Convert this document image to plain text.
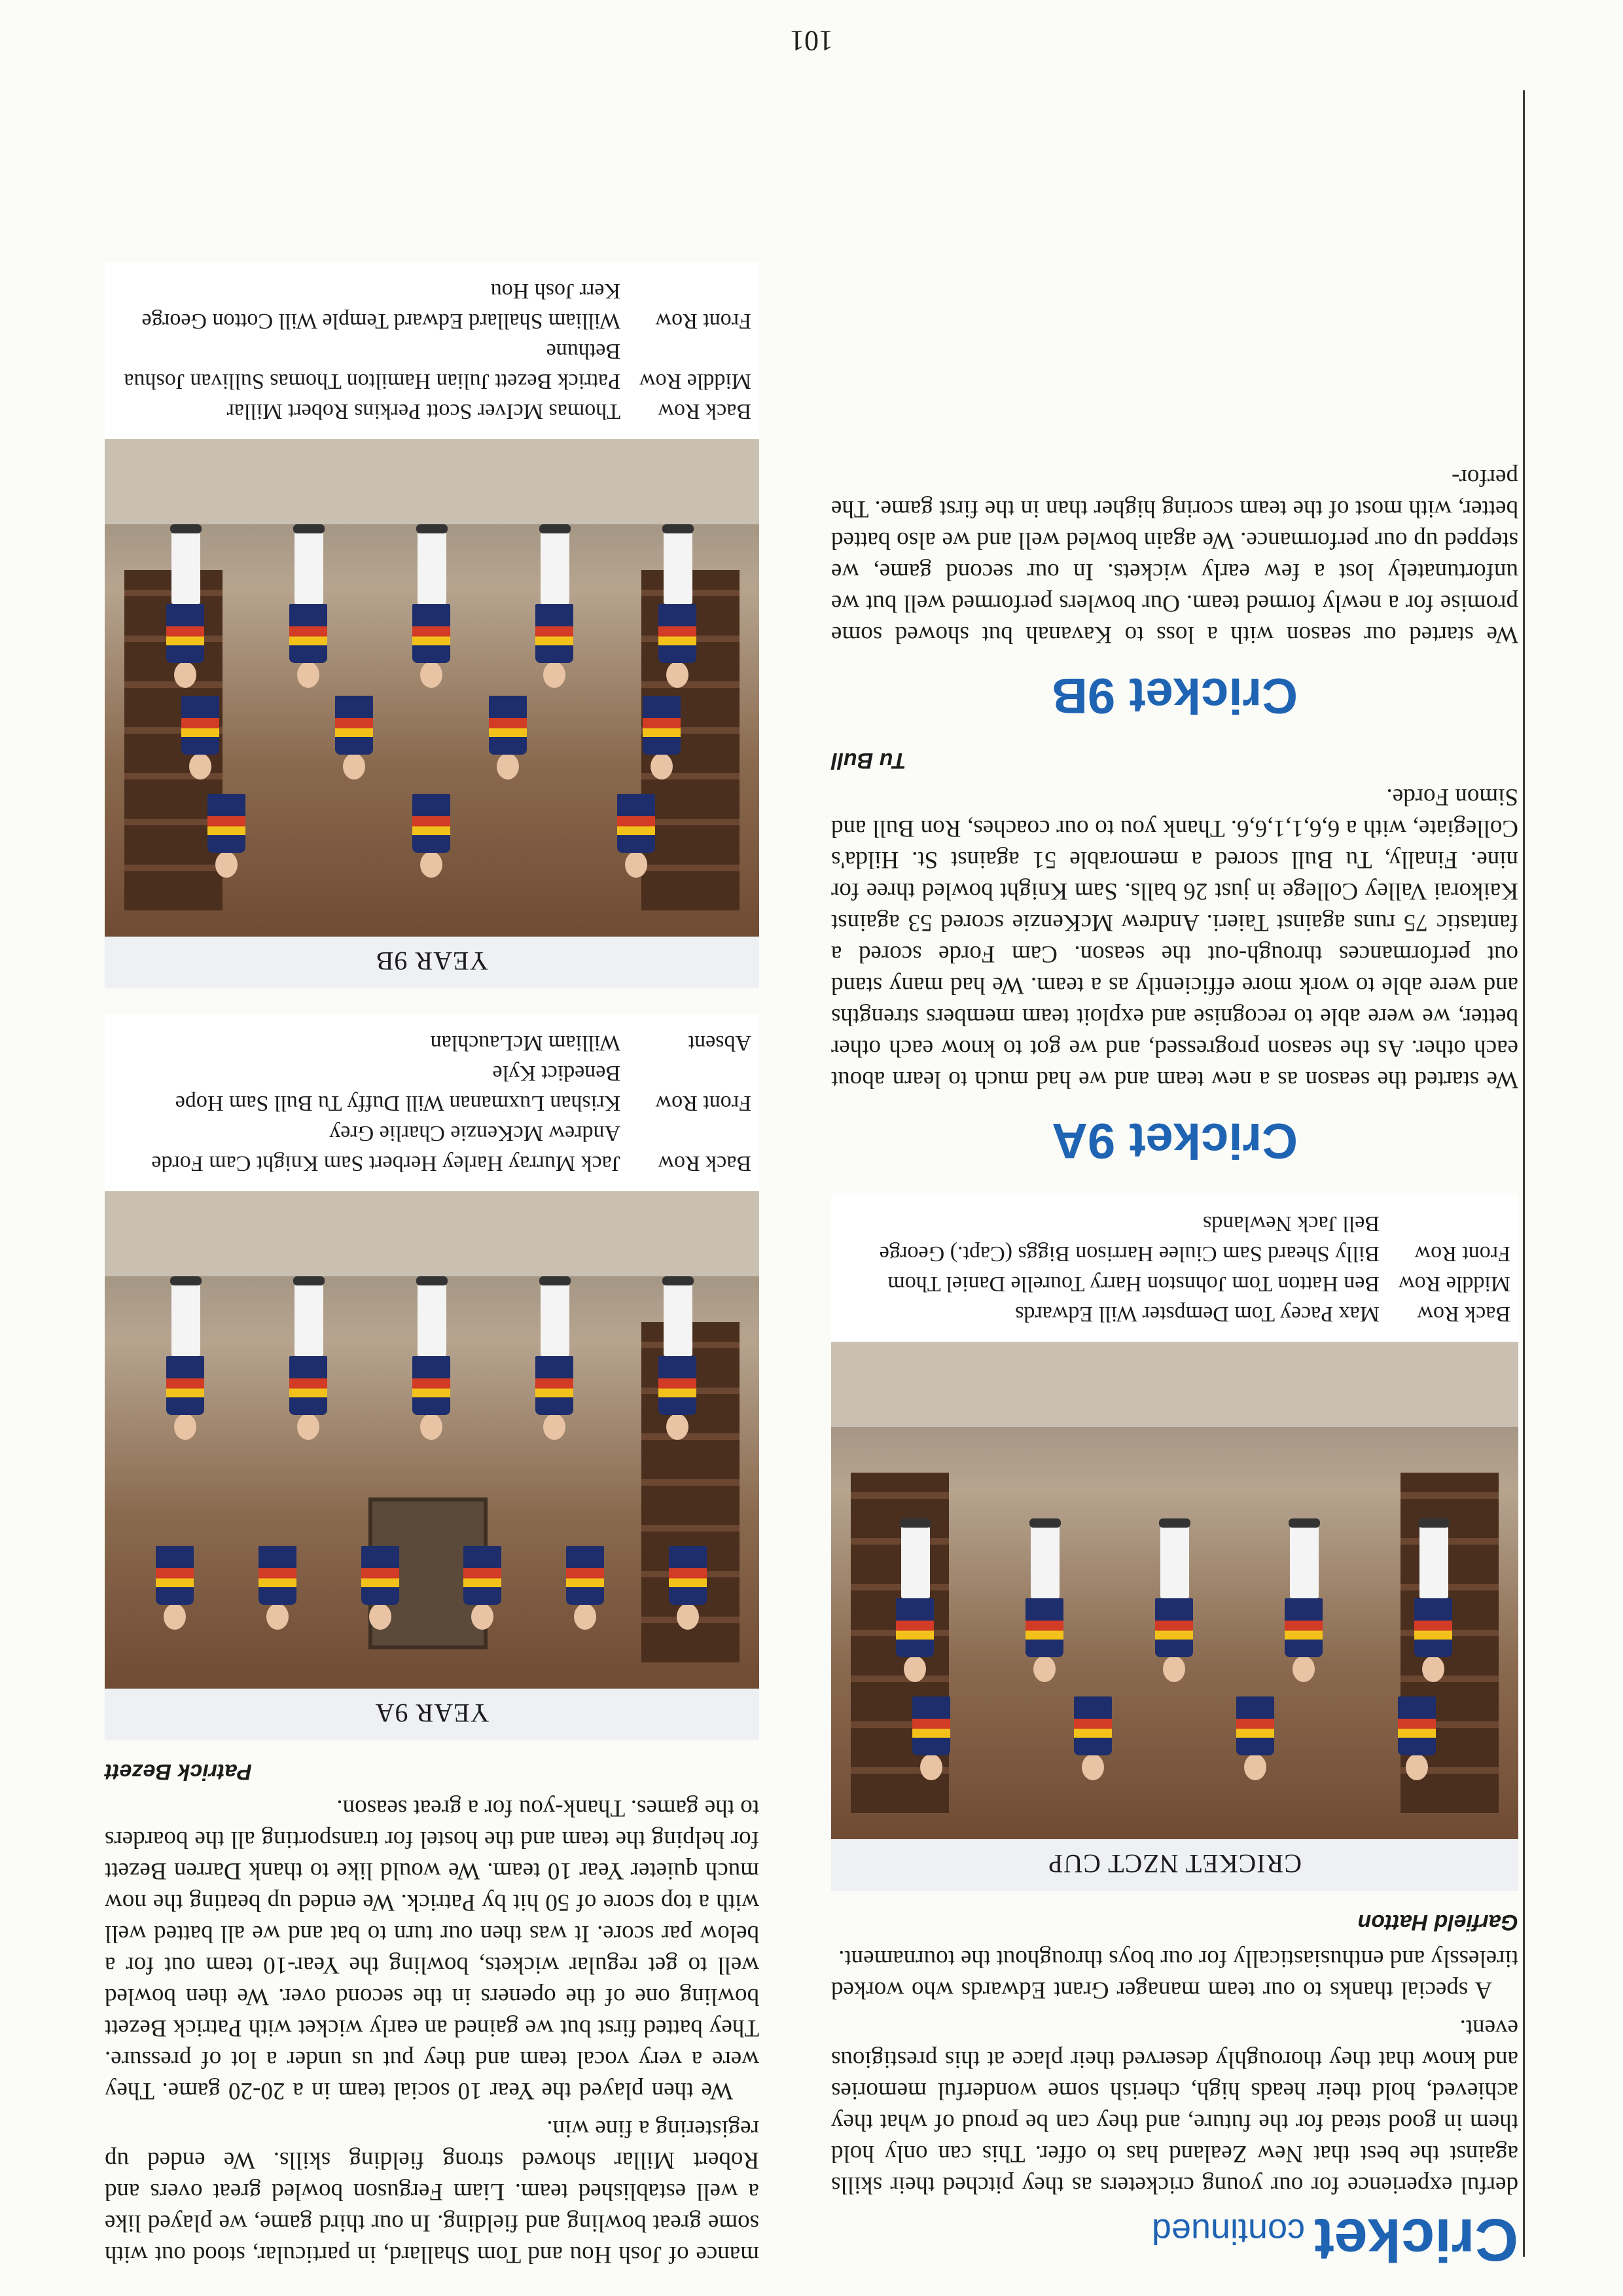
Cricketcontinued

derful experience for our young cricketers as they pitched their skills against the best that New Zealand has to offer. This can only hold them in good stead for the future, and they can be proud of what they achieved, hold their heads high, cherish some wonderful memories and know that they thoroughly deserved their place at this prestigious event.

A special thanks to our team manager Grant Edwards who worked tirelessly and enthusiastically for our boys throughout the tournament.

Garfield Hatton
CRICKET NZCT CUP
Back Row
Max Pacey Tom Dempster Will Edwards
Middle Row
Ben Hatton Tom Johnston Harry Tourelle Daniel Thom
Front Row
Billy Sheard Sam Ciulee Harrison Biggs (Capt.) George Bell Jack Newlands
Cricket 9A

We started the season as a new team and we had much to learn about each other. As the season progressed, and we got to know each other better, we were able to recognise and exploit team members strengths and were able to work more efficiently as a team. We had many stand out performances through-out the season. Cam Forde scored a fantastic 75 runs against Taieri. Andrew McKenzie scored 53 against Kaikorai Valley College in just 26 balls. Sam Knight bowled three for nine. Finally, Tu Bull scored a memorable 51 against St. Hilda's Collegiate, with a 6,6,1,1,6,6. Thank you to our coaches, Ron Bull and Simon Forde.

Tu Bull
Cricket 9B

We started our season with a loss to Kavanah but showed some promise for a newly formed team. Our bowlers performed well but we unfortunately lost a few early wickets. In our second game, we stepped up our performance. We again bowled well and we also batted better, with most of the team scoring higher than in the first game. The perfor-

mance of Josh Hou and Tom Shallard, in particular, stood out with some great bowling and fielding. In our third game, we played like a well established team. Liam Ferguson bowled great overs and Robert Millar showed strong fielding skills. We ended up registering a fine win.

We then played the Year 10 social team in a 20-20 game. They were a very vocal team and they put us under a lot of pressure. They batted first but we gained an early wicket with Patrick Bezett bowling one of the openers in the second over. We then bowled well to get regular wickets, bowling the Year-10 team out for a below par score. It was then our turn to bat and we all batted well with a top score of 50 hit by Patrick. We ended up beating the now much quieter Year 10 team. We would like to thank Darren Bezett for helping the team and the hostel for transporting all the boarders to the games. Thank-you for a great season.

Patrick Bezett
YEAR 9A
Back Row
Jack Murray Harley Herbert Sam Knight Cam Forde Andrew McKenzie Charlie Grey
Front Row
Krishan Luxmanan Will Duffy Tu Bull Sam Hope Benedict Kyle
Absent
William McLauchlan
YEAR 9B
Back Row
Thomas McIver Scott Perkins Robert Millar
Middle Row
Patrick Bezett Julian Hamilton Thomas Sullivan Joshua Bethune
Front Row
William Shallard Edward Temple Will Cotton George Kerr Josh Hou
101
